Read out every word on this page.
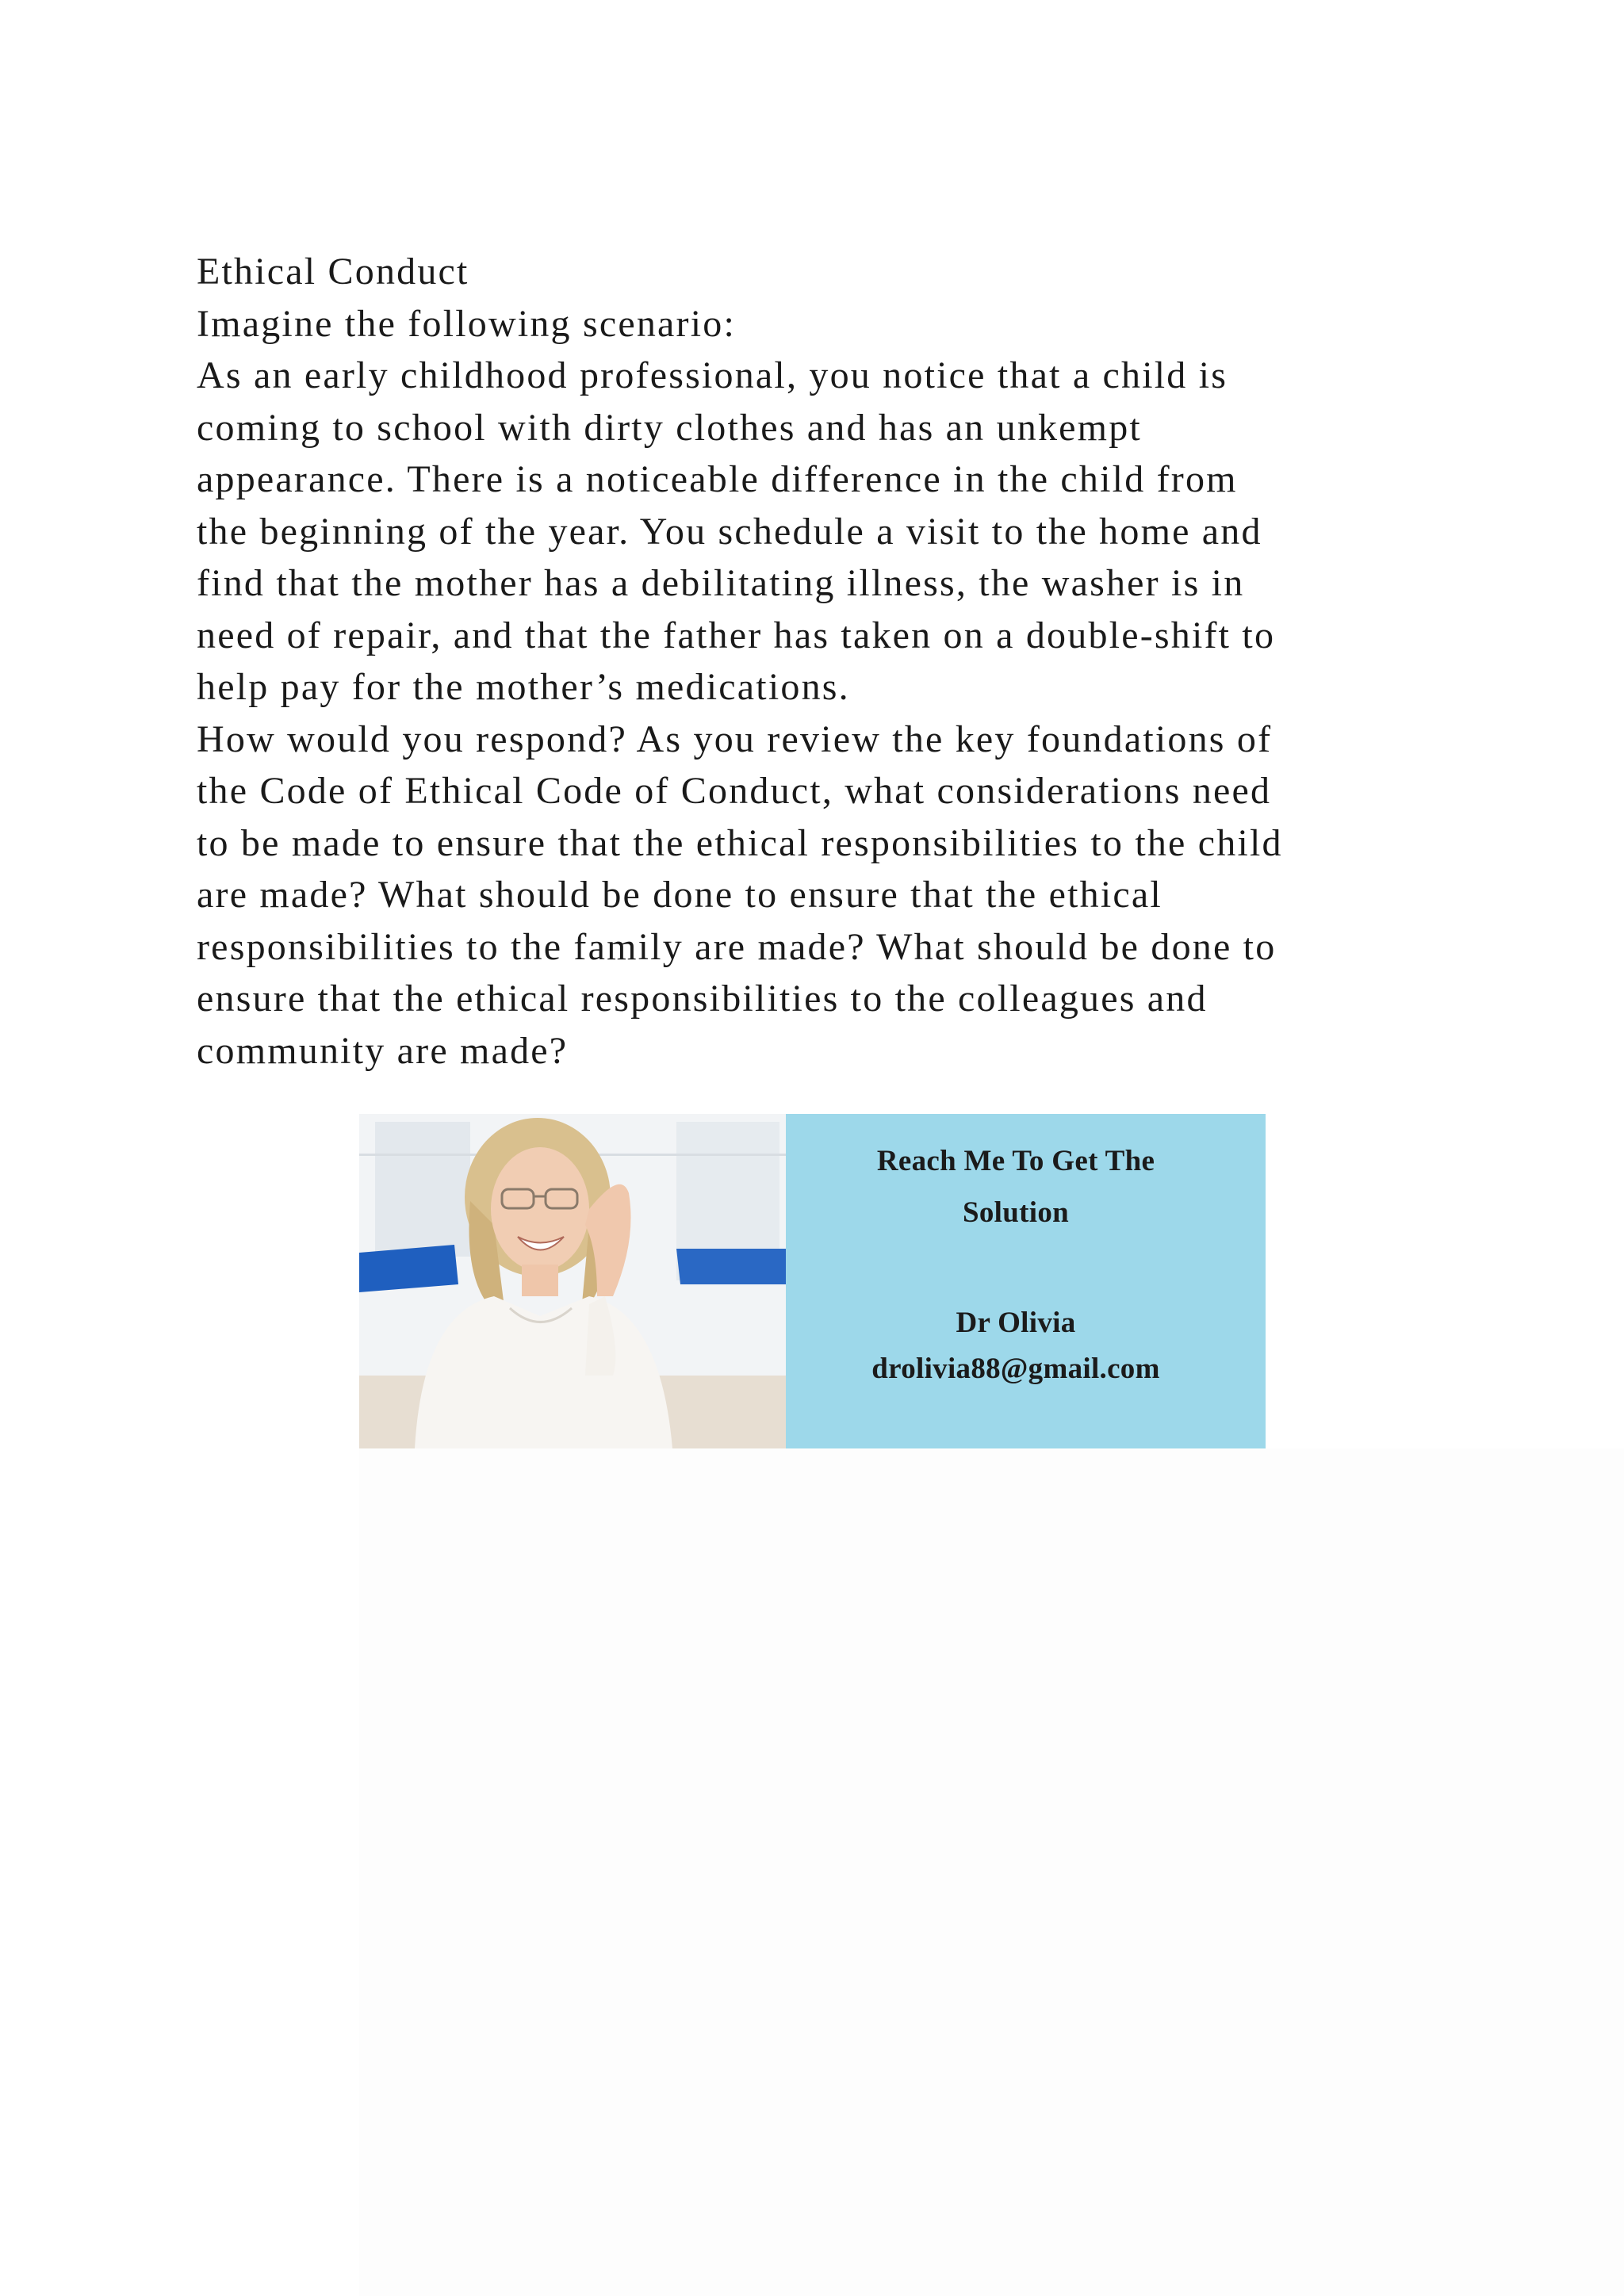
Ethical Conduct

Imagine the following scenario:

As an early childhood professional, you notice that a child is
coming to school with dirty clothes and has an unkempt
appearance. There is a noticeable difference in the child from
the beginning of the year. You schedule a visit to the home and
find that the mother has a debilitating illness, the washer is in
need of repair, and that the father has taken on a double-shift to
help pay for the mother’s medications.

How would you respond? As you review the key foundations of
the Code of Ethical Code of Conduct, what considerations need
to be made to ensure that the ethical responsibilities to the child
are made? What should be done to ensure that the ethical
responsibilities to the family are made? What should be done to
ensure that the ethical responsibilities to the colleagues and
community are made?

Reach Me To Get The
Solution
Dr Olivia
drolivia88@gmail.com
